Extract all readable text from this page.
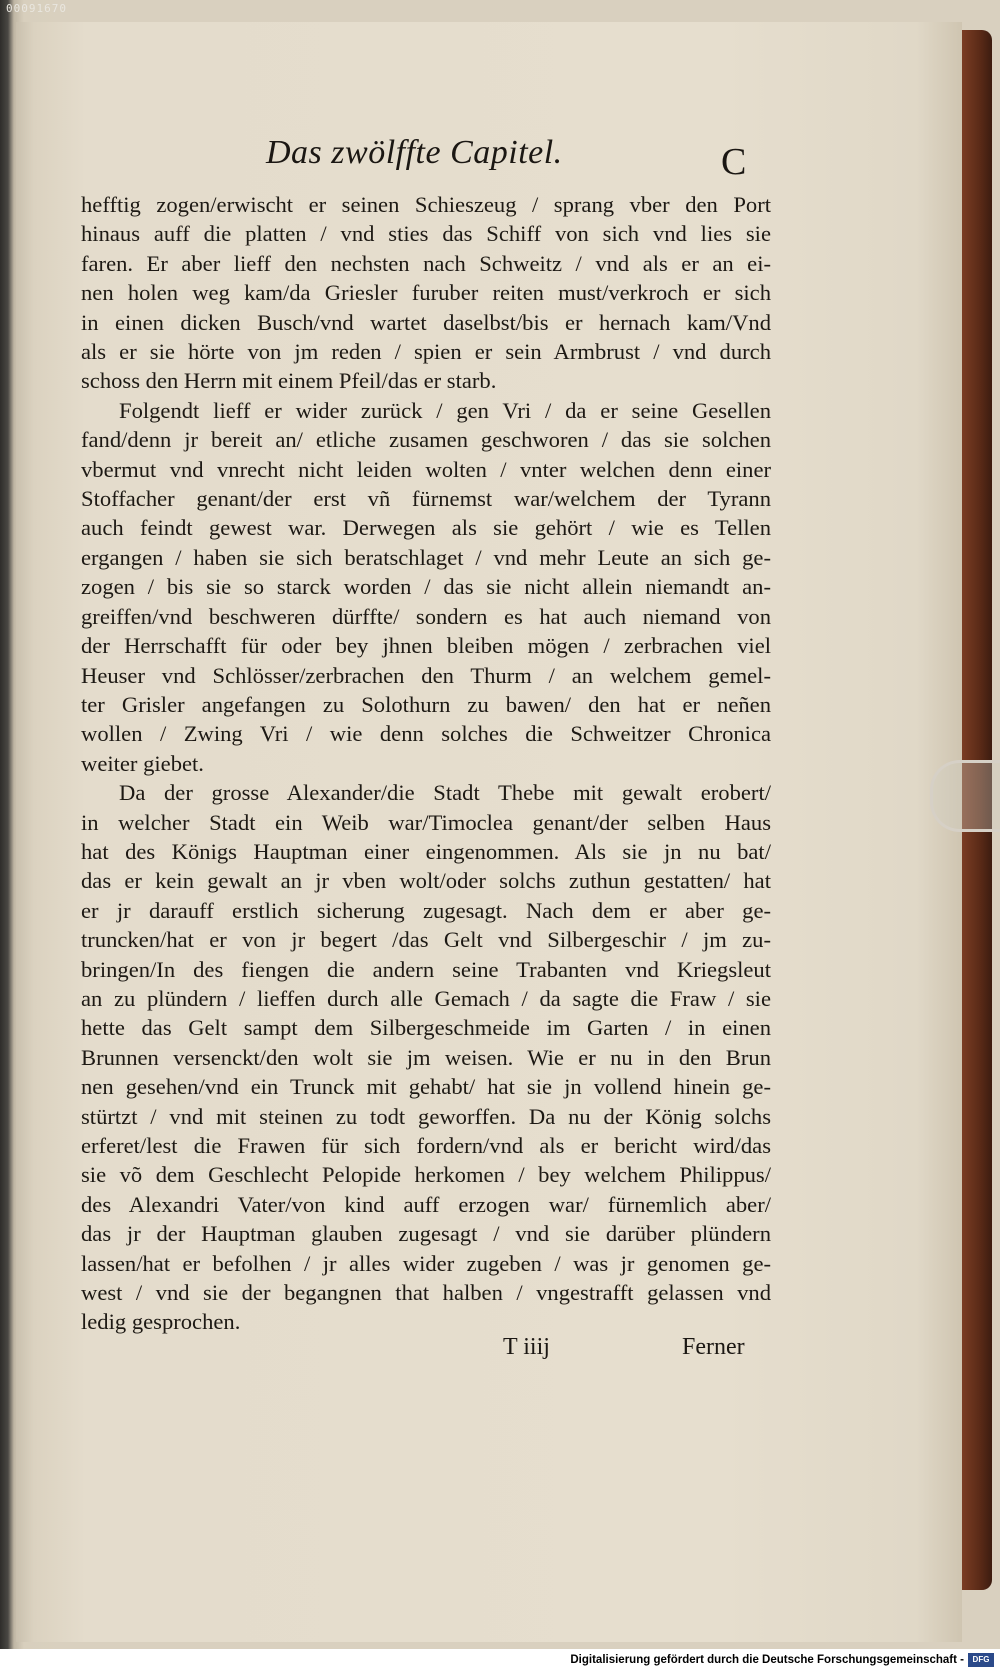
00091670
Das zwölffte Capitel.	C
hefftig zogen/erwischt er seinen Schieszeug / sprang vber den Port
hinaus auff die platten / vnd sties das Schiff von sich vnd lies sie
faren. Er aber lieff den nechsten nach Schweitz / vnd als er an ei-
nen holen weg kam/da Griesler furuber reiten must/verkroch er sich
in einen dicken Busch/vnd wartet daselbst/bis er hernach kam/Vnd
als er sie hörte von jm reden / spien er sein Armbrust / vnd durch
schoss den Herrn mit einem Pfeil/das er starb.
Folgendt lieff er wider zurück / gen Vri / da er seine Gesellen
fand/denn jr bereit an/ etliche zusamen geschworen / das sie solchen
vbermut vnd vnrecht nicht leiden wolten / vnter welchen denn einer
Stoffacher genant/der erst vñ fürnemst war/welchem der Tyrann
auch feindt gewest war. Derwegen als sie gehört / wie es Tellen
ergangen / haben sie sich beratschlaget / vnd mehr Leute an sich ge-
zogen / bis sie so starck worden / das sie nicht allein niemandt an-
greiffen/vnd beschweren dürffte/ sondern es hat auch niemand von
der Herrschafft für oder bey jhnen bleiben mögen / zerbrachen viel
Heuser vnd Schlösser/zerbrachen den Thurm / an welchem gemel-
ter Grisler angefangen zu Solothurn zu bawen/ den hat er neñen
wollen / Zwing Vri / wie denn solches die Schweitzer Chronica
weiter giebet.
Da der grosse Alexander/die Stadt Thebe mit gewalt erobert/
in welcher Stadt ein Weib war/Timoclea genant/der selben Haus
hat des Königs Hauptman einer eingenommen. Als sie jn nu bat/
das er kein gewalt an jr vben wolt/oder solchs zuthun gestatten/ hat
er jr darauff erstlich sicherung zugesagt. Nach dem er aber ge-
truncken/hat er von jr begert /das Gelt vnd Silbergeschir / jm zu-
bringen/In des fiengen die andern seine Trabanten vnd Kriegsleut
an zu plündern / lieffen durch alle Gemach / da sagte die Fraw / sie
hette das Gelt sampt dem Silbergeschmeide im Garten / in einen
Brunnen versenckt/den wolt sie jm weisen. Wie er nu in den Brun
nen gesehen/vnd ein Trunck mit gehabt/ hat sie jn vollend hinein ge-
stürtzt / vnd mit steinen zu todt geworffen. Da nu der König solchs
erferet/lest die Frawen für sich fordern/vnd als er bericht wird/das
sie võ dem Geschlecht Pelopide herkomen / bey welchem Philippus/
des Alexandri Vater/von kind auff erzogen war/ fürnemlich aber/
das jr der Hauptman glauben zugesagt / vnd sie darüber plündern
lassen/hat er befolhen / jr alles wider zugeben / was jr genomen ge-
west / vnd sie der begangnen that halben / vngestrafft gelassen vnd
ledig gesprochen.
T iiij	Ferner
Digitalisierung gefördert durch die Deutsche Forschungsgemeinschaft -	DFG
